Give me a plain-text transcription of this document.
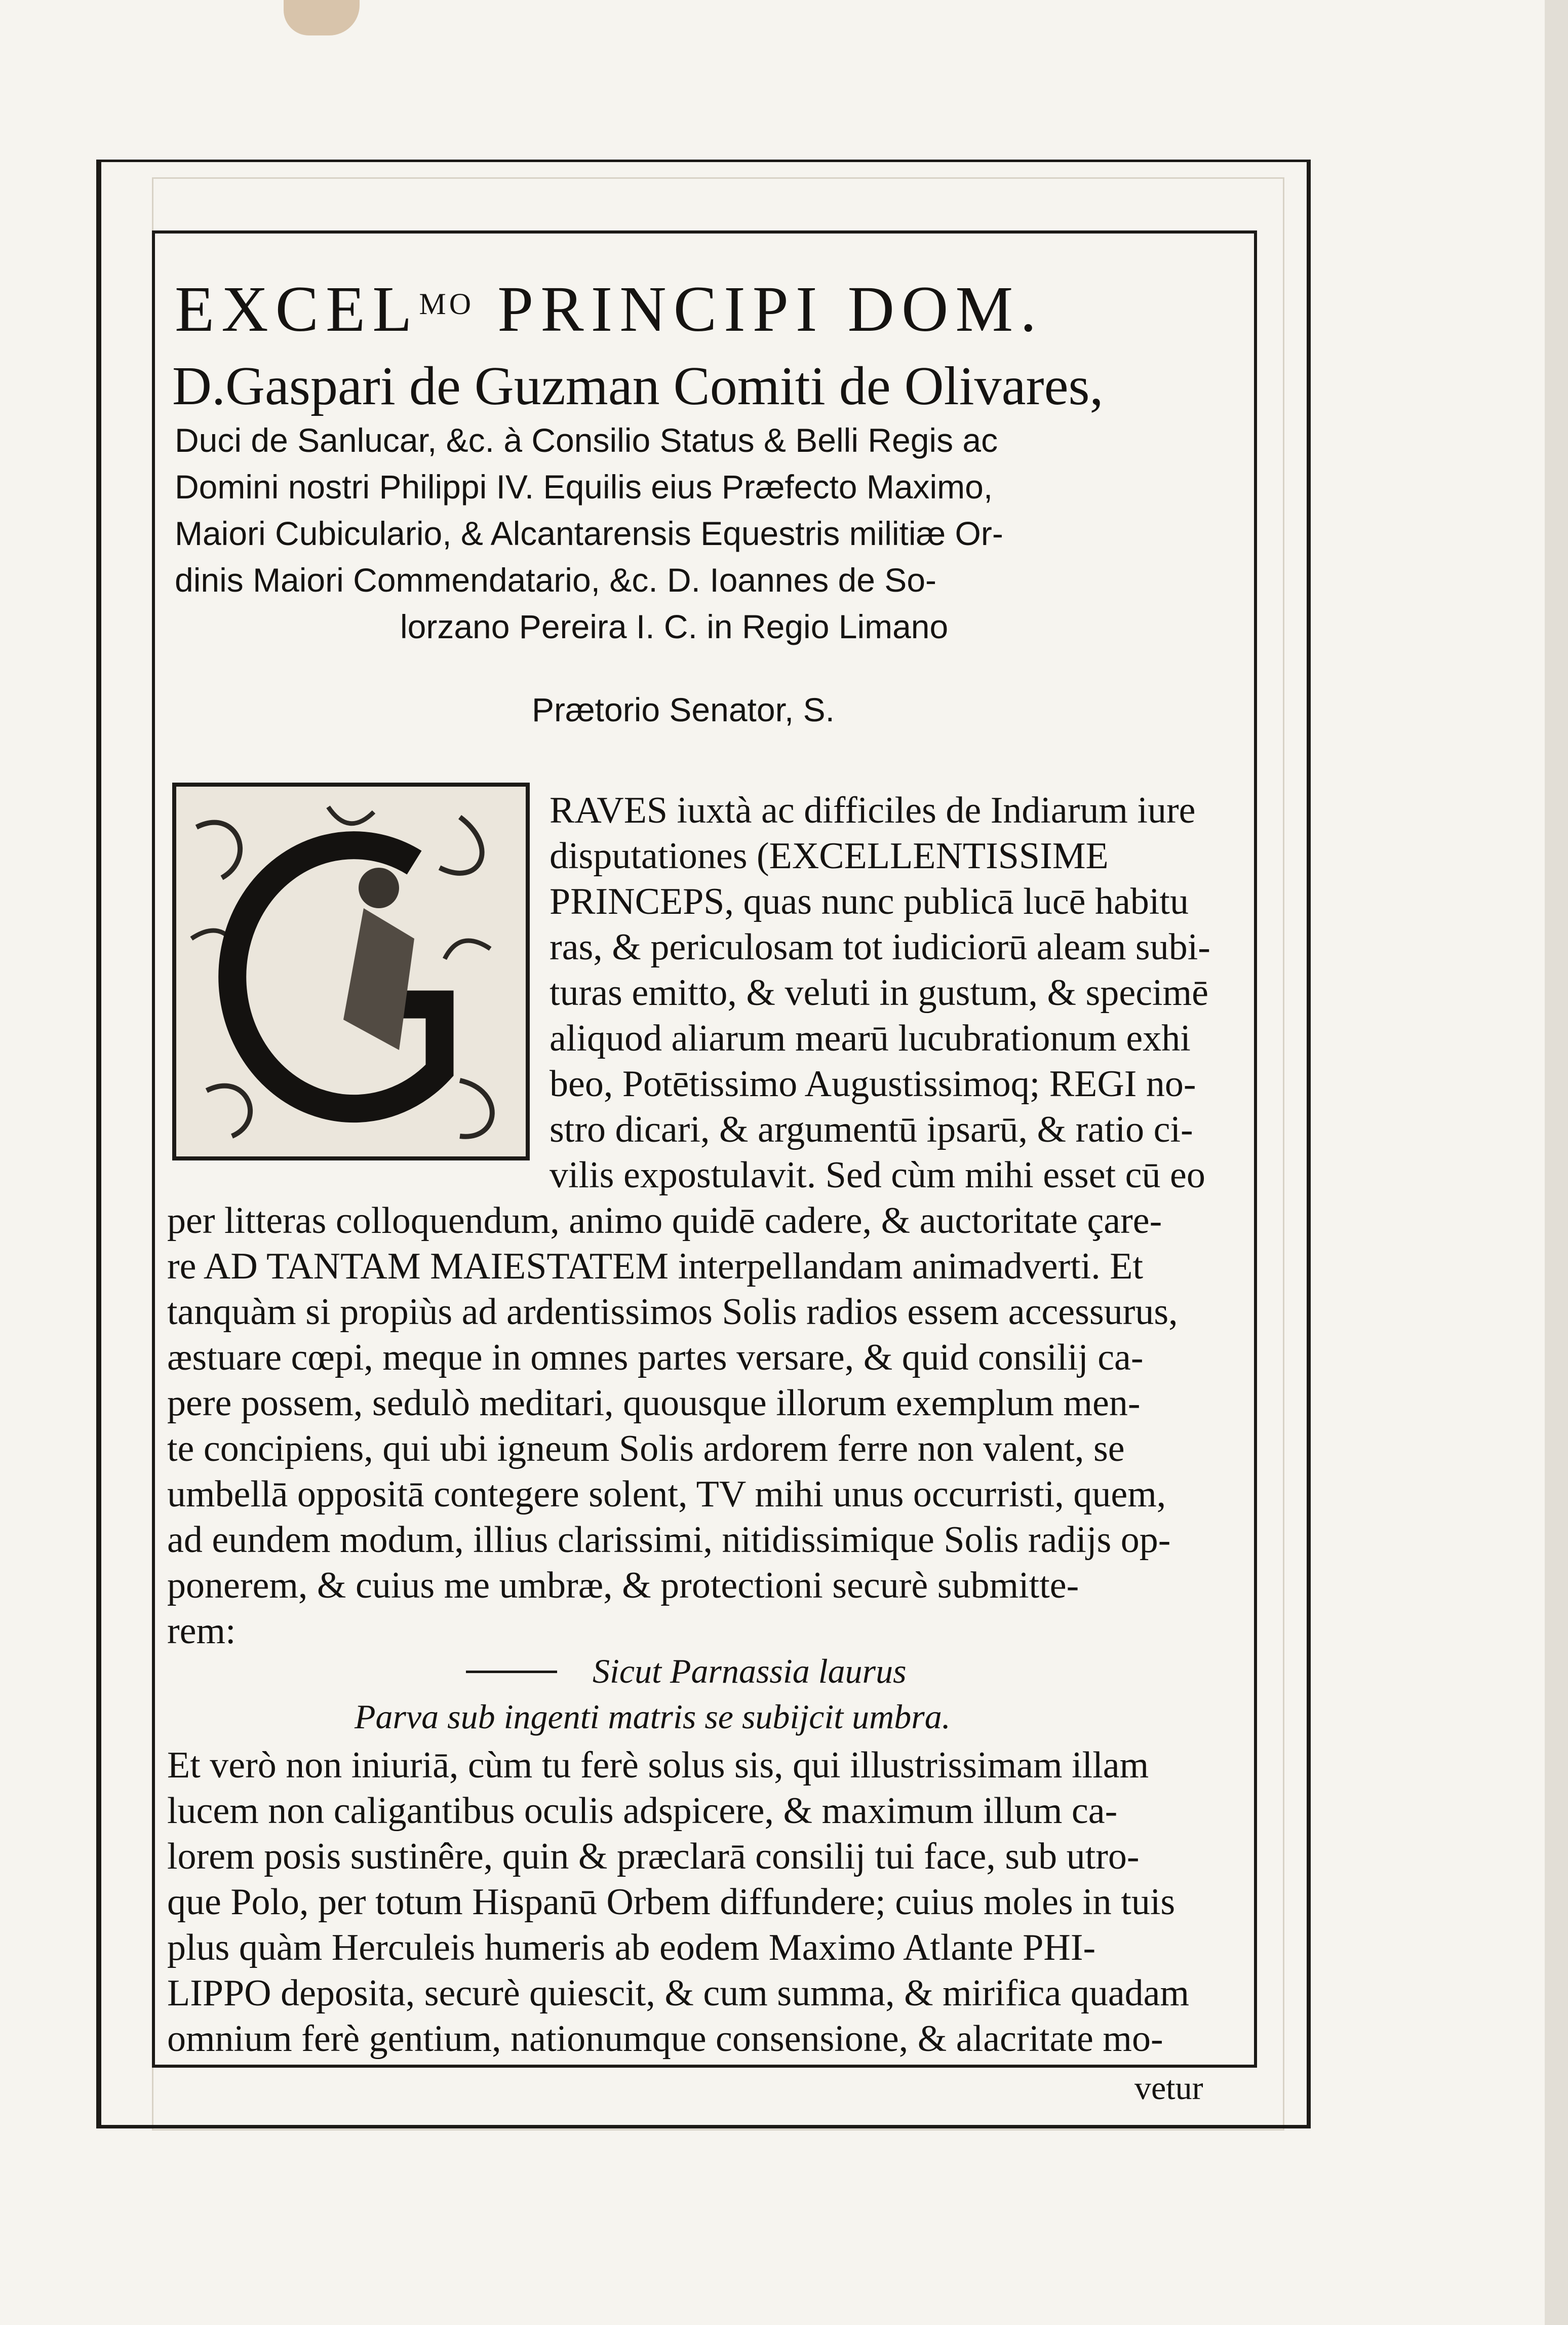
$EXCEL^{MO}$ PRINCIPI DOM.
D.Gaspari de Guzman Comiti de Olivares,
Duci de Sanlucar, &c. à Consilio Status & Belli Regis ac
Domini nostri Philippi IV. Equilis eius Præfecto Maximo,
Maiori Cubiculario, & Alcantarensis Equestris militiæ Or-
dinis Maiori Commendatario, &c. D. Ioannes de So-
lorzano Pereira I. C. in Regio Limano
Prætorio Senator, S.
RAVES iuxtà ac difficiles de Indiarum iure
disputationes (EXCELLENTISSIME
PRINCEPS, quas nunc publicā lucē habitu
ras, & periculosam tot iudiciorū aleam subi-
turas emitto, & veluti in gustum, & specimē
aliquod aliarum mearū lucubrationum exhi
beo, Potētissimo Augustissimoq; REGI no-
stro dicari, & argumentū ipsarū, & ratio ci-
vilis expostulavit. Sed cùm mihi esset cū eo
per litteras colloquendum, animo quidē cadere, & auctoritate çare-
re AD TANTAM MAIESTATEM interpellandam animadverti. Et
tanquàm si propiùs ad ardentissimos Solis radios essem accessurus,
æstuare cœpi, meque in omnes partes versare, & quid consilij ca-
pere possem, sedulò meditari, quousque illorum exemplum men-
te concipiens, qui ubi igneum Solis ardorem ferre non valent, se
umbellā oppositā contegere solent, TV mihi unus occurristi, quem,
ad eundem modum, illius clarissimi, nitidissimique Solis radijs op-
ponerem, & cuius me umbræ, & protectioni securè submitte-
rem:
Sicut Parnassia laurus
Parva sub ingenti matris se subijcit umbra.
Et verò non iniuriā, cùm tu ferè solus sis, qui illustrissimam illam
lucem non caligantibus oculis adspicere, & maximum illum ca-
lorem posis sustinêre, quin & præclarā consilij tui face, sub utro-
que Polo, per totum Hispanū Orbem diffundere; cuius moles in tuis
plus quàm Herculeis humeris ab eodem Maximo Atlante PHI-
LIPPO deposita, securè quiescit, & cum summa, & mirifica quadam
omnium ferè gentium, nationumque consensione, & alacritate mo-
vetur
